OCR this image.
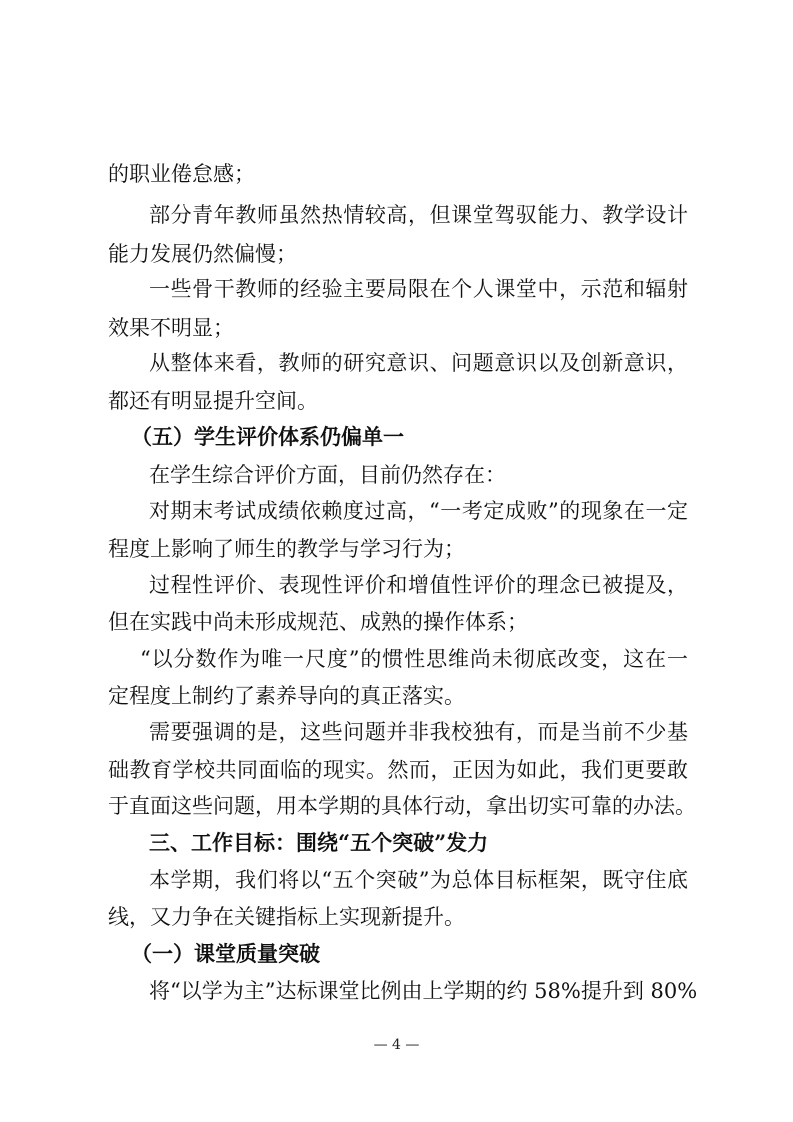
的职业倦怠感；
部分青年教师虽然热情较高，但课堂驾驭能力、教学设计
能力发展仍然偏慢；
一些骨干教师的经验主要局限在个人课堂中，示范和辐射
效果不明显；
从整体来看，教师的研究意识、问题意识以及创新意识，
都还有明显提升空间。
（五）学生评价体系仍偏单一
在学生综合评价方面，目前仍然存在：
对期末考试成绩依赖度过高，“一考定成败”的现象在一定
程度上影响了师生的教学与学习行为；
过程性评价、表现性评价和增值性评价的理念已被提及，
但在实践中尚未形成规范、成熟的操作体系；
“以分数作为唯一尺度”的惯性思维尚未彻底改变，这在一
定程度上制约了素养导向的真正落实。
需要强调的是，这些问题并非我校独有，而是当前不少基
础教育学校共同面临的现实。然而，正因为如此，我们更要敢
于直面这些问题，用本学期的具体行动，拿出切实可靠的办法。
三、工作目标：围绕“五个突破”发力
本学期，我们将以“五个突破”为总体目标框架，既守住底
线，又力争在关键指标上实现新提升。
（一）课堂质量突破
将“以学为主”达标课堂比例由上学期的约 58%提升到 80%
— 4 —
